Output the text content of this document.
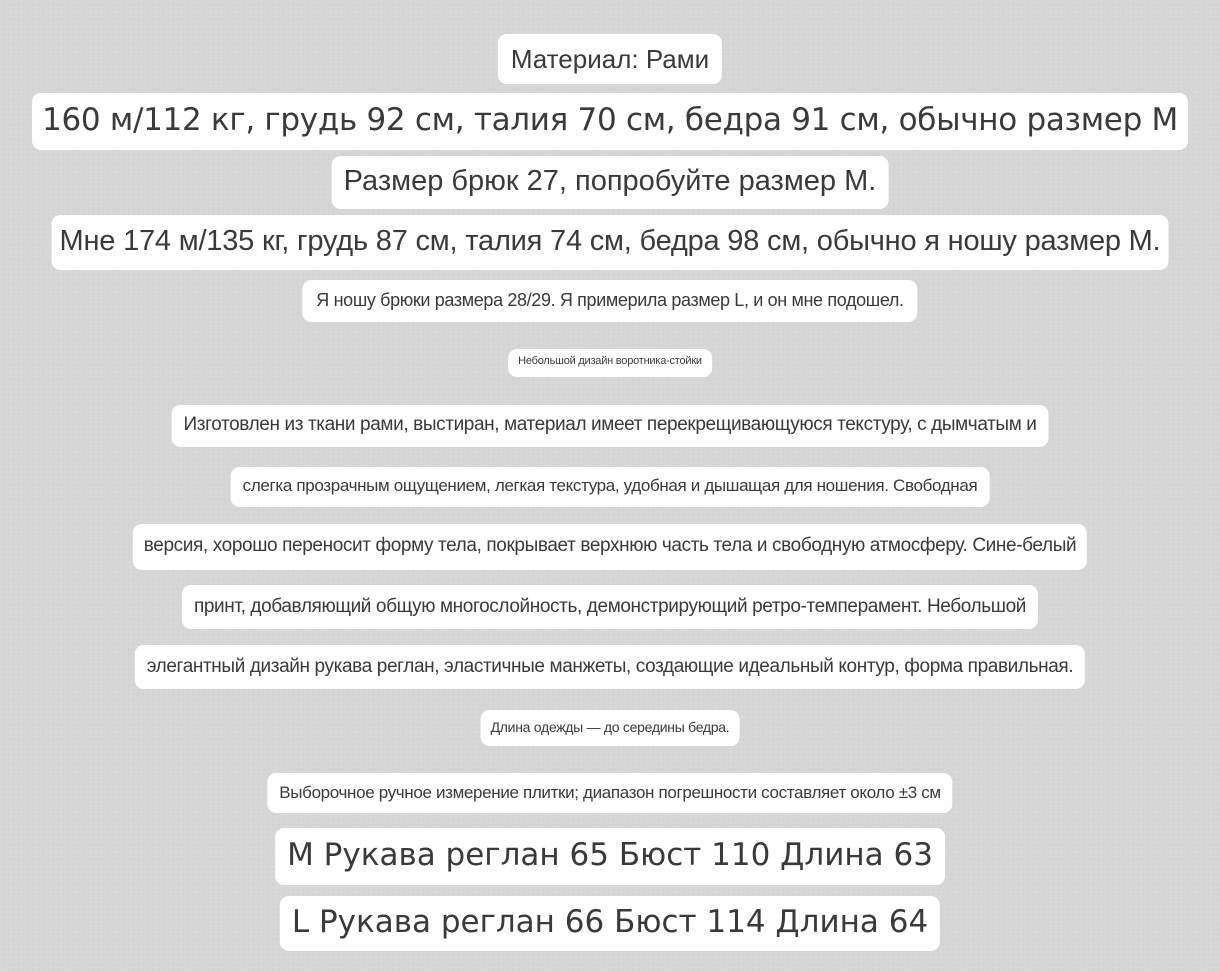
Материал: Рами
160 м/112 кг, грудь 92 см, талия 70 см, бедра 91 см, обычно размер М
Размер брюк 27, попробуйте размер М.
Мне 174 м/135 кг, грудь 87 см, талия 74 см, бедра 98 см, обычно я ношу размер М.
Я ношу брюки размера 28/29. Я примерила размер L, и он мне подошел.
Небольшой дизайн воротника-стойки
Изготовлен из ткани рами, выстиран, материал имеет перекрещивающуюся текстуру, с дымчатым и
слегка прозрачным ощущением, легкая текстура, удобная и дышащая для ношения. Свободная
версия, хорошо переносит форму тела, покрывает верхнюю часть тела и свободную атмосферу. Сине-белый
принт, добавляющий общую многослойность, демонстрирующий ретро-темперамент. Небольшой
элегантный дизайн рукава реглан, эластичные манжеты, создающие идеальный контур, форма правильная.
Длина одежды — до середины бедра.
Выборочное ручное измерение плитки; диапазон погрешности составляет около ±3 см
M Рукава реглан 65 Бюст 110 Длина 63
L Рукава реглан 66 Бюст 114 Длина 64
